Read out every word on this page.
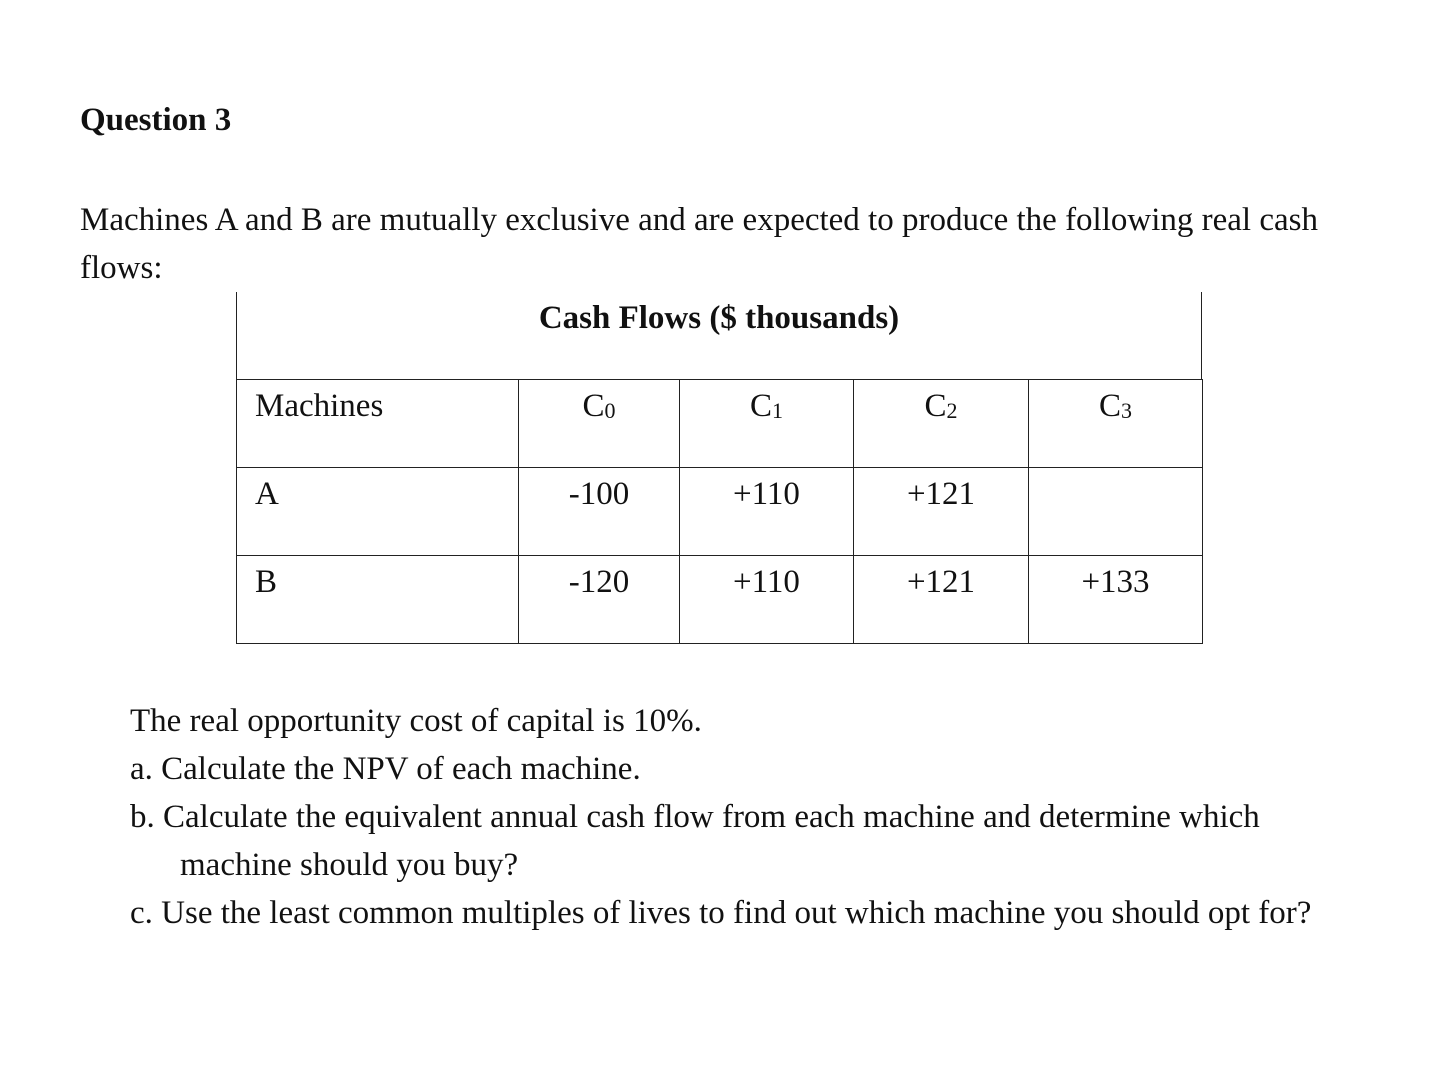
Question 3
Machines A and B are mutually exclusive and are expected to produce the following real cash flows:
Cash Flows ($ thousands)
Machines	$C_0$	$C_1$	$C_2$	$C_3$
A	-100	+110	+121	
B	-120	+110	+121	+133

The real opportunity cost of capital is 10%.

a. Calculate the NPV of each machine.

b. Calculate the equivalent annual cash flow from each machine and determine which machine should you buy?

c. Use the least common multiples of lives to find out which machine you should opt for?
